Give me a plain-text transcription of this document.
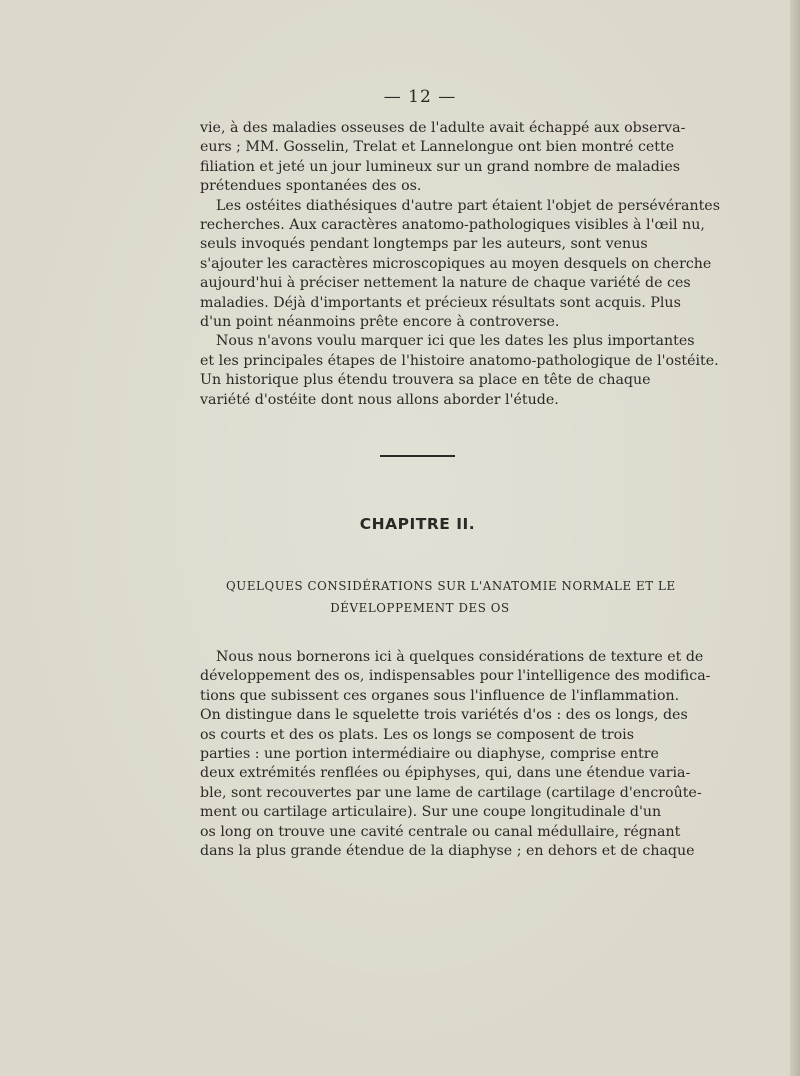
— 12 —

vie, à des maladies osseuses de l'adulte avait échappé aux observa-
eurs ; MM. Gosselin, Trelat et Lannelongue ont bien montré cette
filiation et jeté un jour lumineux sur un grand nombre de maladies
prétendues spontanées des os.
Les ostéites diathésiques d'autre part étaient l'objet de persévérantes
recherches. Aux caractères anatomo-pathologiques visibles à l'œil nu,
seuls invoqués pendant longtemps par les auteurs, sont venus
s'ajouter les caractères microscopiques au moyen desquels on cherche
aujourd'hui à préciser nettement la nature de chaque variété de ces
maladies. Déjà d'importants et précieux résultats sont acquis. Plus
d'un point néanmoins prête encore à controverse.
Nous n'avons voulu marquer ici que les dates les plus importantes
et les principales étapes de l'histoire anatomo-pathologique de l'ostéite.
Un historique plus étendu trouvera sa place en tête de chaque
variété d'ostéite dont nous allons aborder l'étude.

CHAPITRE II.

QUELQUES CONSIDÉRATIONS SUR L'ANATOMIE NORMALE ET LE
DÉVELOPPEMENT DES OS

Nous nous bornerons ici à quelques considérations de texture et de
développement des os, indispensables pour l'intelligence des modifica-
tions que subissent ces organes sous l'influence de l'inflammation.
On distingue dans le squelette trois variétés d'os : des os longs, des
os courts et des os plats. Les os longs se composent de trois
parties : une portion intermédiaire ou diaphyse, comprise entre
deux extrémités renflées ou épiphyses, qui, dans une étendue varia-
ble, sont recouvertes par une lame de cartilage (cartilage d'encroûte-
ment ou cartilage articulaire). Sur une coupe longitudinale d'un
os long on trouve une cavité centrale ou canal médullaire, régnant
dans la plus grande étendue de la diaphyse ; en dehors et de chaque
